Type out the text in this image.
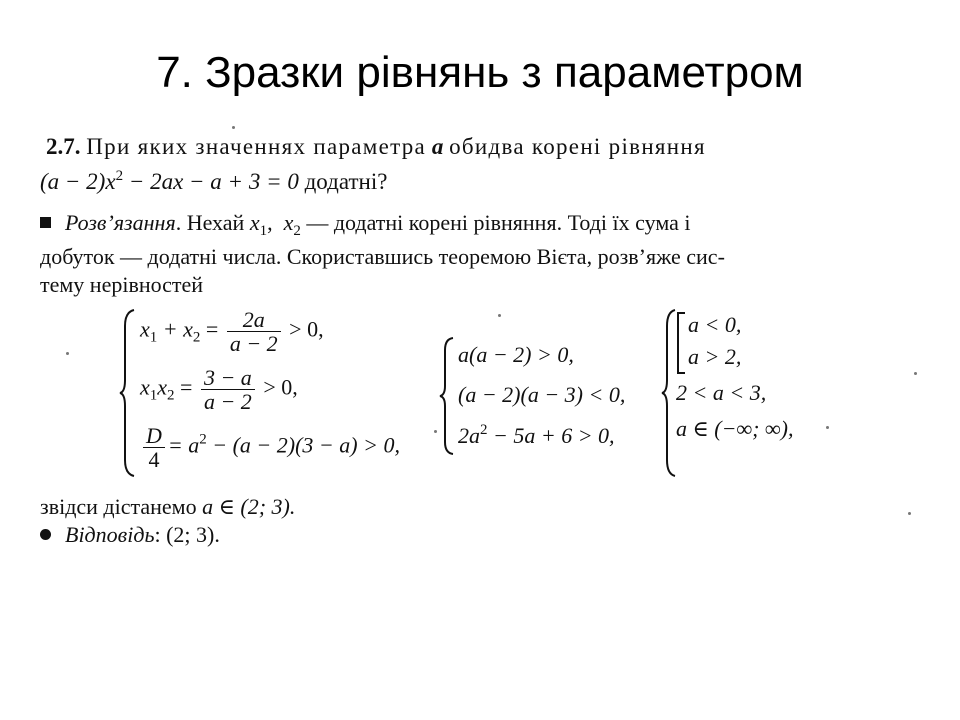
7. Зразки рівнянь з параметром
2.7. При яких значеннях параметра a обидва корені рівняння
$(a - 2)x^2 - 2ax - a + 3 = 0$ додатні?
Розв’язання. Нехай $x_1$,  $x_2$ — додатні корені рівняння. Тоді їх сума і
добуток — додатні числа. Скориставшись теоремою Вієта, розв’яже сис-
тему нерівностей
$x_1 + x_2 = \frac{2a}{a - 2} > 0$,
$x_1x_2 = \frac{3 - a}{a - 2} > 0$,
$\frac{D}{4} = a^2 - (a - 2)(3 - a) > 0$,
a(a − 2) > 0,
(a − 2)(a − 3) < 0,
$2a^2 - 5a + 6 > 0$,
a < 0,
a > 2,
2 < a < 3,
a ∈ (−∞; ∞),
звідси дістанемо a ∈ (2; 3).
Відповідь: (2; 3).
